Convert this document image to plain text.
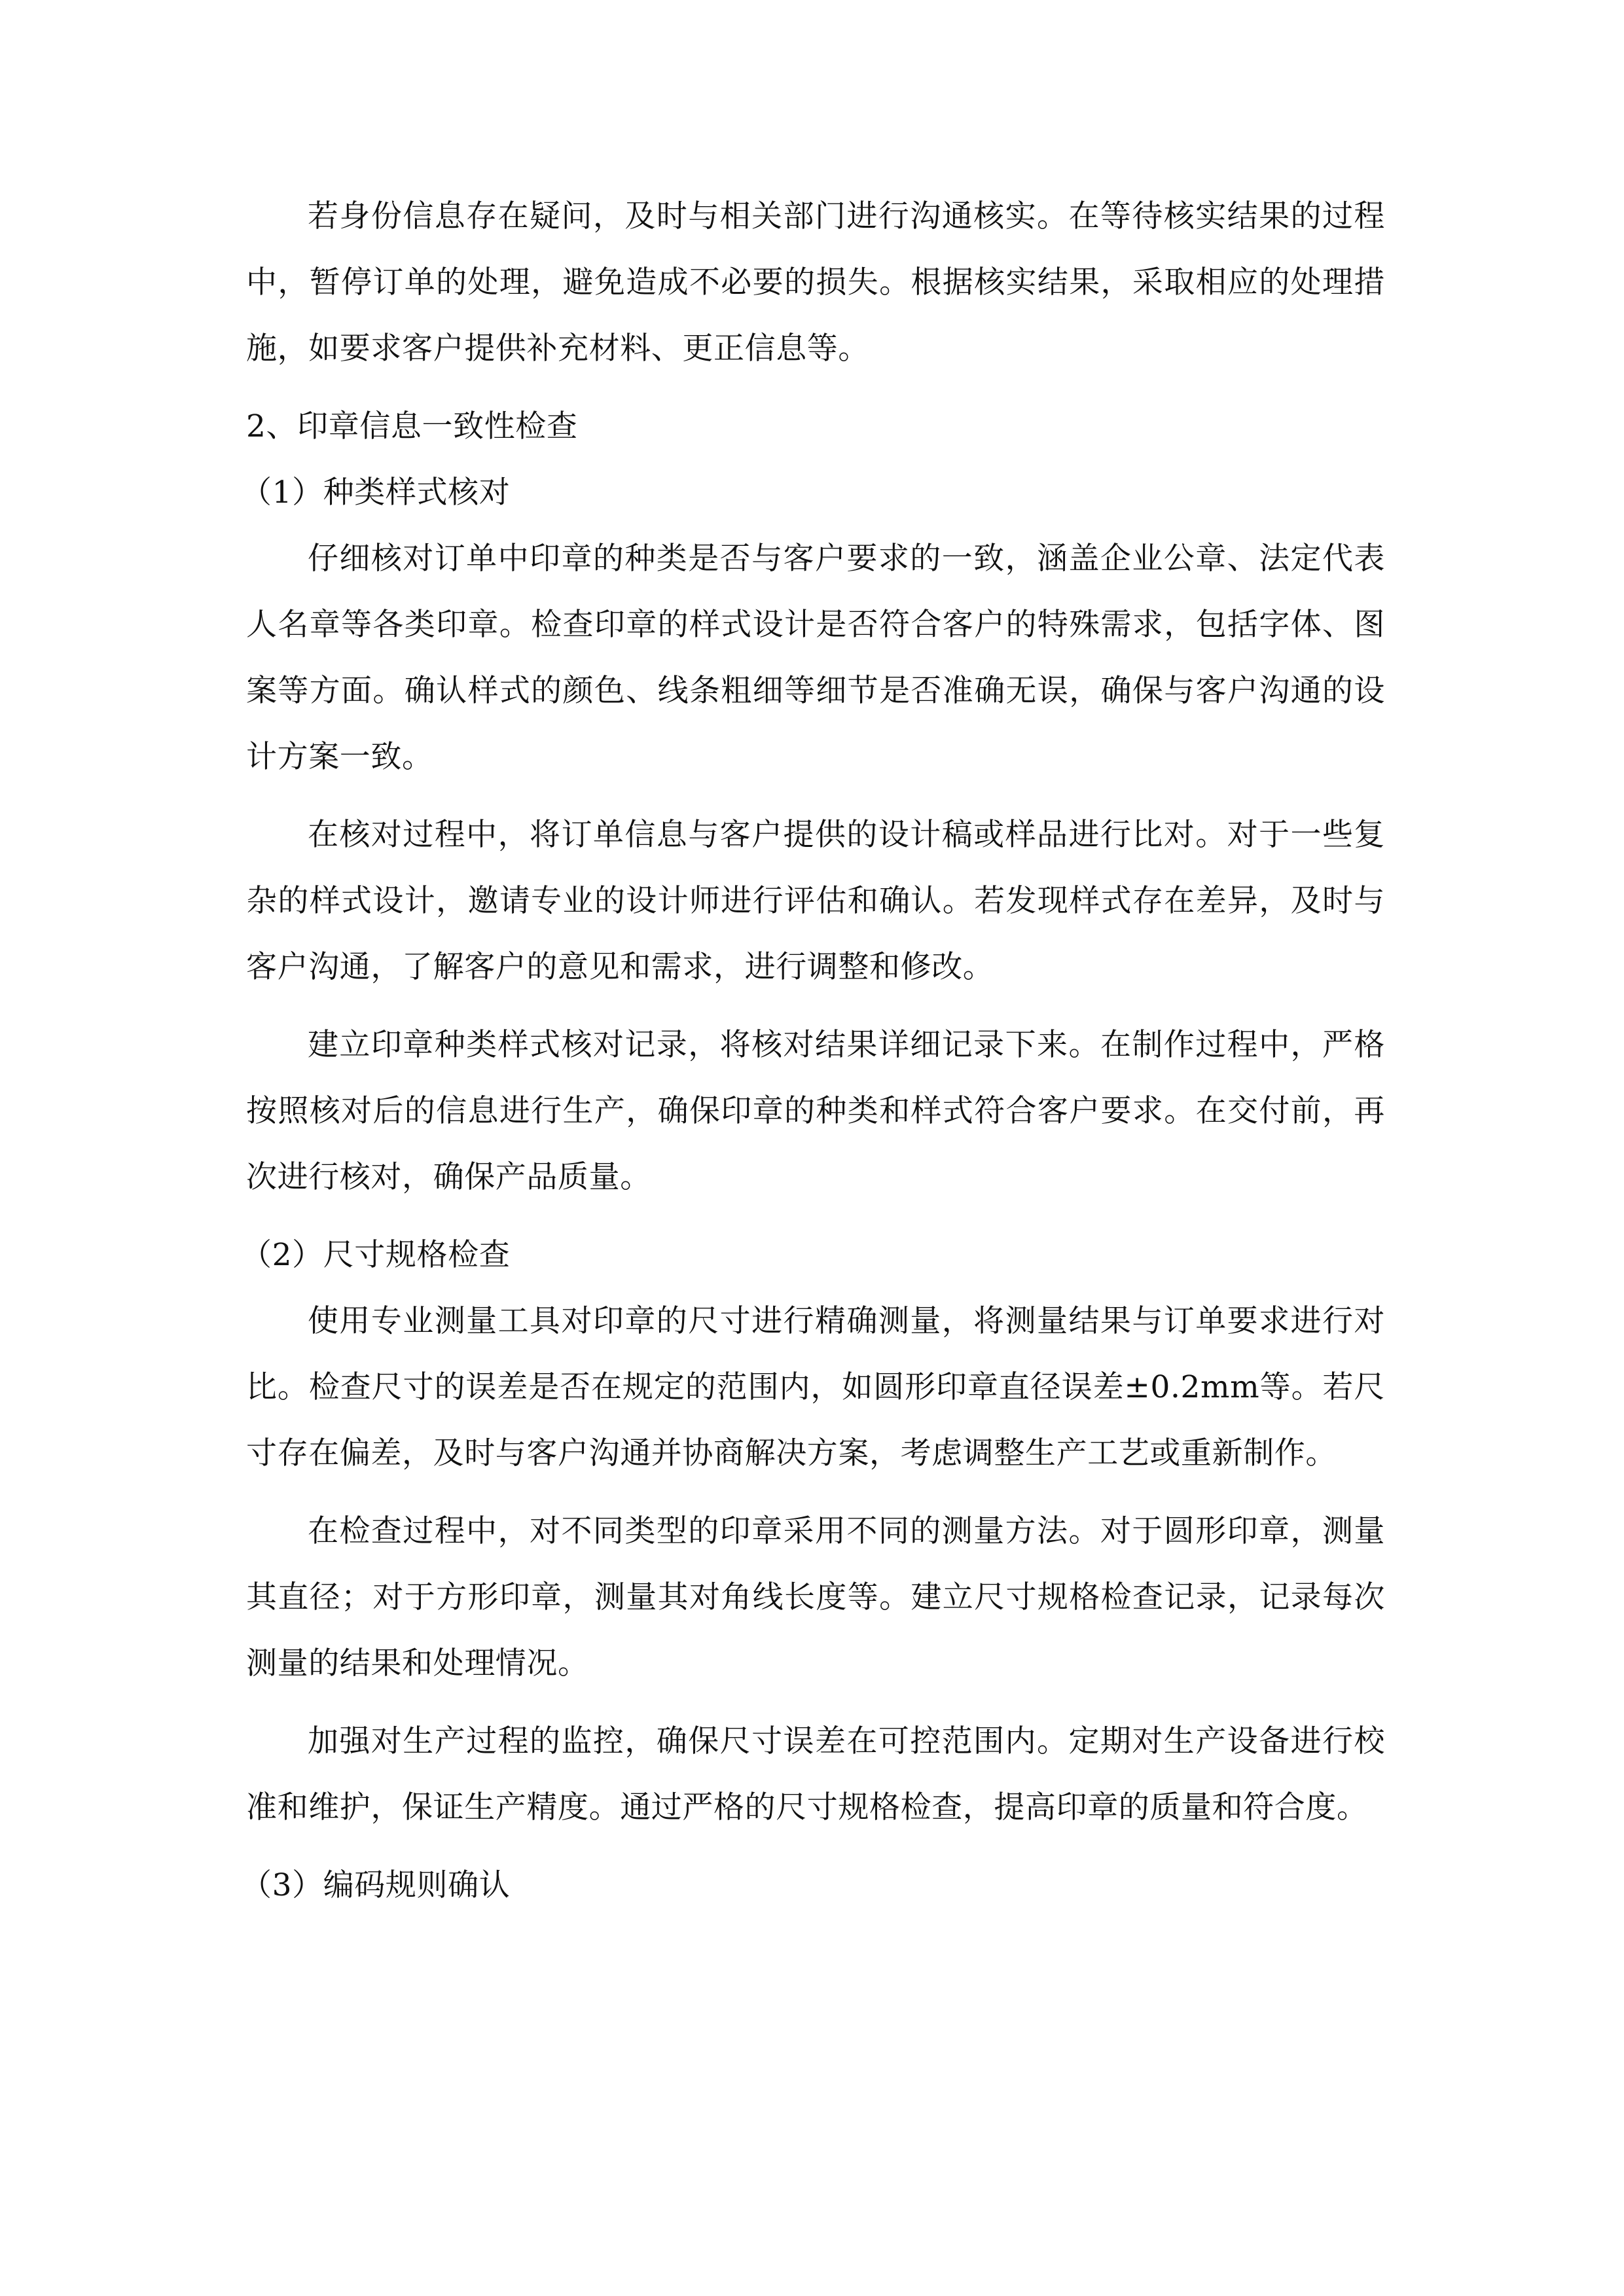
若身份信息存在疑问，及时与相关部门进行沟通核实。在等待核实结果的过程中，暂停订单的处理，避免造成不必要的损失。根据核实结果，采取相应的处理措施，如要求客户提供补充材料、更正信息等。

2、印章信息一致性检查

（1）种类样式核对

仔细核对订单中印章的种类是否与客户要求的一致，涵盖企业公章、法定代表人名章等各类印章。检查印章的样式设计是否符合客户的特殊需求，包括字体、图案等方面。确认样式的颜色、线条粗细等细节是否准确无误，确保与客户沟通的设计方案一致。

在核对过程中，将订单信息与客户提供的设计稿或样品进行比对。对于一些复杂的样式设计，邀请专业的设计师进行评估和确认。若发现样式存在差异，及时与客户沟通，了解客户的意见和需求，进行调整和修改。

建立印章种类样式核对记录，将核对结果详细记录下来。在制作过程中，严格按照核对后的信息进行生产，确保印章的种类和样式符合客户要求。在交付前，再次进行核对，确保产品质量。

（2）尺寸规格检查

使用专业测量工具对印章的尺寸进行精确测量，将测量结果与订单要求进行对比。检查尺寸的误差是否在规定的范围内，如圆形印章直径误差±0.2mm等。若尺寸存在偏差，及时与客户沟通并协商解决方案，考虑调整生产工艺或重新制作。

在检查过程中，对不同类型的印章采用不同的测量方法。对于圆形印章，测量其直径；对于方形印章，测量其对角线长度等。建立尺寸规格检查记录，记录每次测量的结果和处理情况。

加强对生产过程的监控，确保尺寸误差在可控范围内。定期对生产设备进行校准和维护，保证生产精度。通过严格的尺寸规格检查，提高印章的质量和符合度。

（3）编码规则确认
